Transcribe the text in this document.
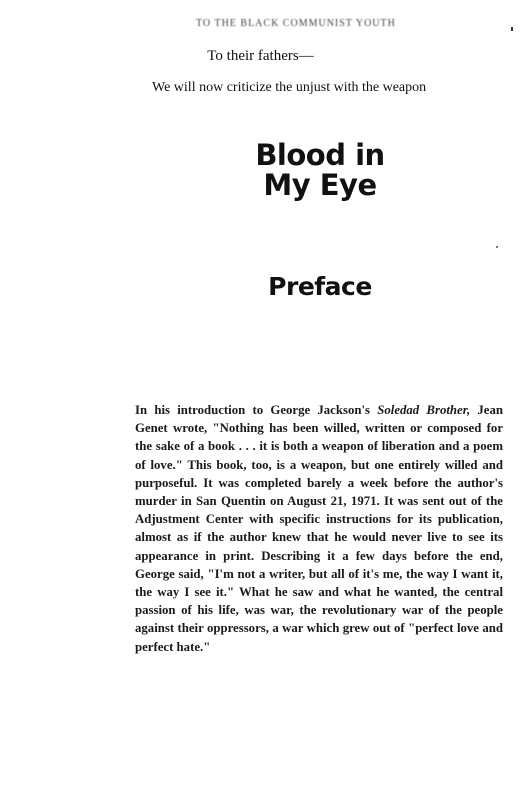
TO THE BLACK COMMUNIST YOUTH
To their fathers—
We will now criticize the unjust with the weapon
Blood in
My Eye
Preface

In his introduction to George Jackson's Soledad Brother, Jean Genet wrote, "Nothing has been willed, written or composed for the sake of a book . . . it is both a weapon of liberation and a poem of love." This book, too, is a weapon, but one entirely willed and purposeful. It was completed barely a week before the author's murder in San Quentin on August 21, 1971. It was sent out of the Adjustment Center with specific instructions for its publication, almost as if the author knew that he would never live to see its appearance in print. Describing it a few days before the end, George said, "I'm not a writer, but all of it's me, the way I want it, the way I see it." What he saw and what he wanted, the central passion of his life, was war, the revolutionary war of the people against their oppressors, a war which grew out of "perfect love and perfect hate."
